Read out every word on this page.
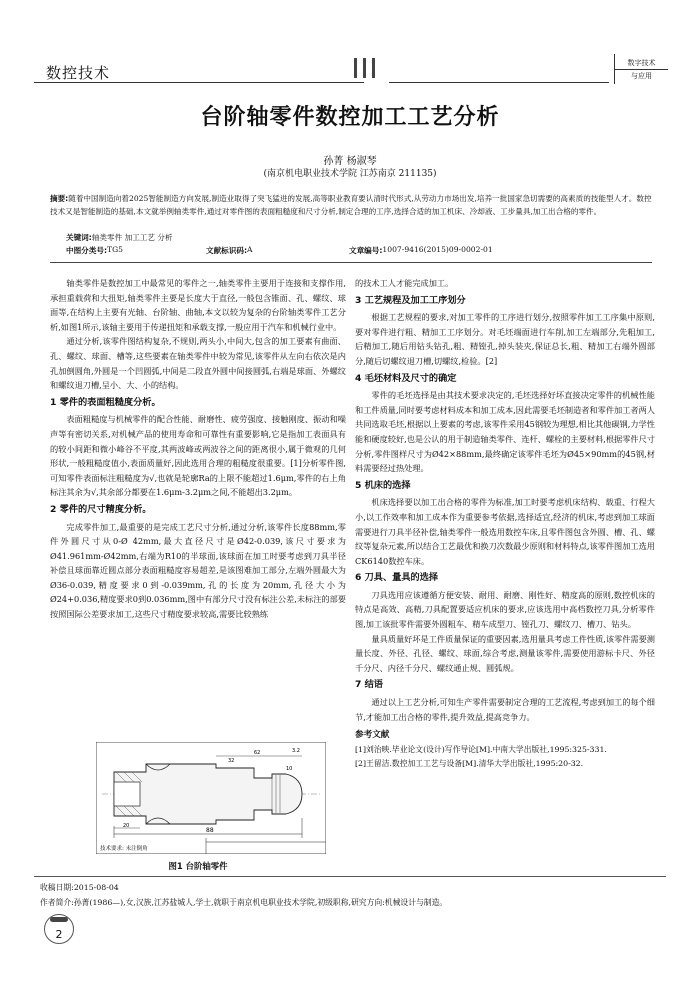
数控技术
数字技术
与应用
台阶轴零件数控加工工艺分析
孙菁 杨淑琴
(南京机电职业技术学院 江苏南京 211135)
摘要:随着中国制造向着2025智能制造方向发展,制造业取得了突飞猛进的发展,高等职业教育要认清时代形式,从劳动力市场出发,培养一批国家急切需要的高素质的技能型人才。数控技术又是智能制造的基础,本文就举例轴类零件,通过对零件图的表面粗糙度和尺寸分析,制定合理的工序,选择合适的加工机床、冷却液、工步量具,加工出合格的零件。
关键词:轴类零件 加工工艺 分析
中图分类号: TG5	文献标识码: A	文章编号: 1007-9416(2015)09-0002-01

轴类零件是数控加工中最常见的零件之一,轴类零件主要用于连接和支撑作用,承担重载荷和大扭矩,轴类零件主要是长度大于直径,一般包含锥面、孔、螺纹、球面等,在结构上主要有光轴、台阶轴、曲轴,本文以较为复杂的台阶轴类零件工艺分析,如图1所示,该轴主要用于传递扭矩和承载支撑,一般应用于汽车和机械行业中。

通过分析,该零件图结构复杂,不规则,两头小,中间大,包含的加工要素有曲面、孔、螺纹、球面、槽等,这些要素在轴类零件中较为常见,该零件从左向右依次是内孔加倒圆角,外圆是一个凹圆弧,中间是二段直外圆中间接圆弧,右端是球面、外螺纹和螺纹退刀槽,呈小、大、小的结构。

1 零件的表面粗糙度分析。

表面粗糙度与机械零件的配合性能、耐磨性、疲劳强度、接触刚度、振动和噪声等有密切关系,对机械产品的使用寿命和可靠性有重要影响,它是指加工表面具有的较小间距和微小峰谷不平度,其两波峰或两波谷之间的距离很小,属于微观的几何形状,一般粗糙度值小,表面质量好,因此选用合理的粗糙度很重要。[1]分析零件图,可知零件表面标注粗糙度为√,也就是轮廓Ra的上限不能超过1.6μm,零件的右上角标注其余为√,其余部分都要在1.6μm-3.2μm之间,不能超出3.2μm。

2 零件的尺寸精度分析。

完成零件加工,最重要的是完成工艺尺寸分析,通过分析,该零件长度88mm,零件外圆尺寸从0-Ø 42mm,最大直径尺寸是Ø42-0.039,该尺寸要求为Ø41.961mm-Ø42mm,右端为R10的半球面,该球面在加工时要考虑到刀具半径补偿且球面靠近圆点部分表面粗糙度容易超差,是该图难加工部分,左端外圆最大为Ø36-0.039,精度要求0到-0.039mm,孔的长度为20mm,孔径大小为Ø24+0.036,精度要求0到0.036mm,图中有部分尺寸没有标注公差,未标注的部要按照国际公差要求加工,这些尺寸精度要求较高,需要比较熟练

88
20
62
32
10
3.2
技术要求: 未注倒角
图1 台阶轴零件

的技术工人才能完成加工。

3 工艺规程及加工工序划分

根据工艺规程的要求,对加工零件的工序进行划分,按照零件加工工序集中原则,要对零件进行粗、精加工工序划分。对毛坯端面进行车削,加工左端部分,先粗加工,后精加工,随后用钻头钻孔,粗、精镗孔,掉头装夹,保证总长,粗、精加工右端外圆部分,随后切螺纹退刀槽,切螺纹,检验。[2]

4 毛坯材料及尺寸的确定

零件的毛坯选择是由其技术要求决定的,毛坯选择好坏直接决定零件的机械性能和工件质量,同时要考虑材料成本和加工成本,因此需要毛坯制造者和零件加工者两人共同选取毛坯,根据以上要素的考虑,该零件采用45钢较为理想,相比其他碳钢,力学性能和硬度较好,也是公认的用于制造轴类零件、连杆、螺栓的主要材料,根据零件尺寸分析,零件图样尺寸为Ø42×88mm,最终确定该零件毛坯为Ø45×90mm的45钢,材料需要经过热处理。

5 机床的选择

机床选择要以加工出合格的零件为标准,加工时要考虑机床结构、载重、行程大小,以工作效率和加工成本作为重要参考依据,选择适宜,经济的机床,考虑到加工球面需要进行刀具半径补偿,轴类零件一般选用数控车床,且零件图包含外圆、槽、孔、螺纹等复杂元素,所以结合工艺最优和换刀次数最少原则和材料特点,该零件图加工选用CK6140数控车床。

6 刀具、量具的选择

刀具选用应该遵循方便安装、耐用、耐磨、刚性好、精度高的原则,数控机床的特点是高效、高精,刀具配置要适应机床的要求,应该选用中高档数控刀具,分析零件图,加工该批零件需要外圆粗车、精车成型刀、镗孔刀、螺纹刀、槽刀、钻头。

量具质量好坏是工件质量保证的重要因素,选用量具考虑工件性质,该零件需要测量长度、外径、孔径、螺纹、球面,综合考虑,测量该零件,需要使用游标卡尺、外径千分尺、内径千分尺、螺纹通止规、圆弧规。

7 结语

通过以上工艺分析,可知生产零件需要制定合理的工艺流程,考虑到加工的每个细节,才能加工出合格的零件,提升效益,提高竞争力。

参考文献
[1]刘治映.毕业论文(设计)写作导论[M].中南大学出版社,1995:325-331.
[2]王留洁.数控加工工艺与设备[M].清华大学出版社,1995:20-32.
收稿日期:2015-08-04
作者简介:孙菁(1986—),女,汉族,江苏盐城人,学士,就职于南京机电职业技术学院,初级职称,研究方向:机械设计与制造。
2
